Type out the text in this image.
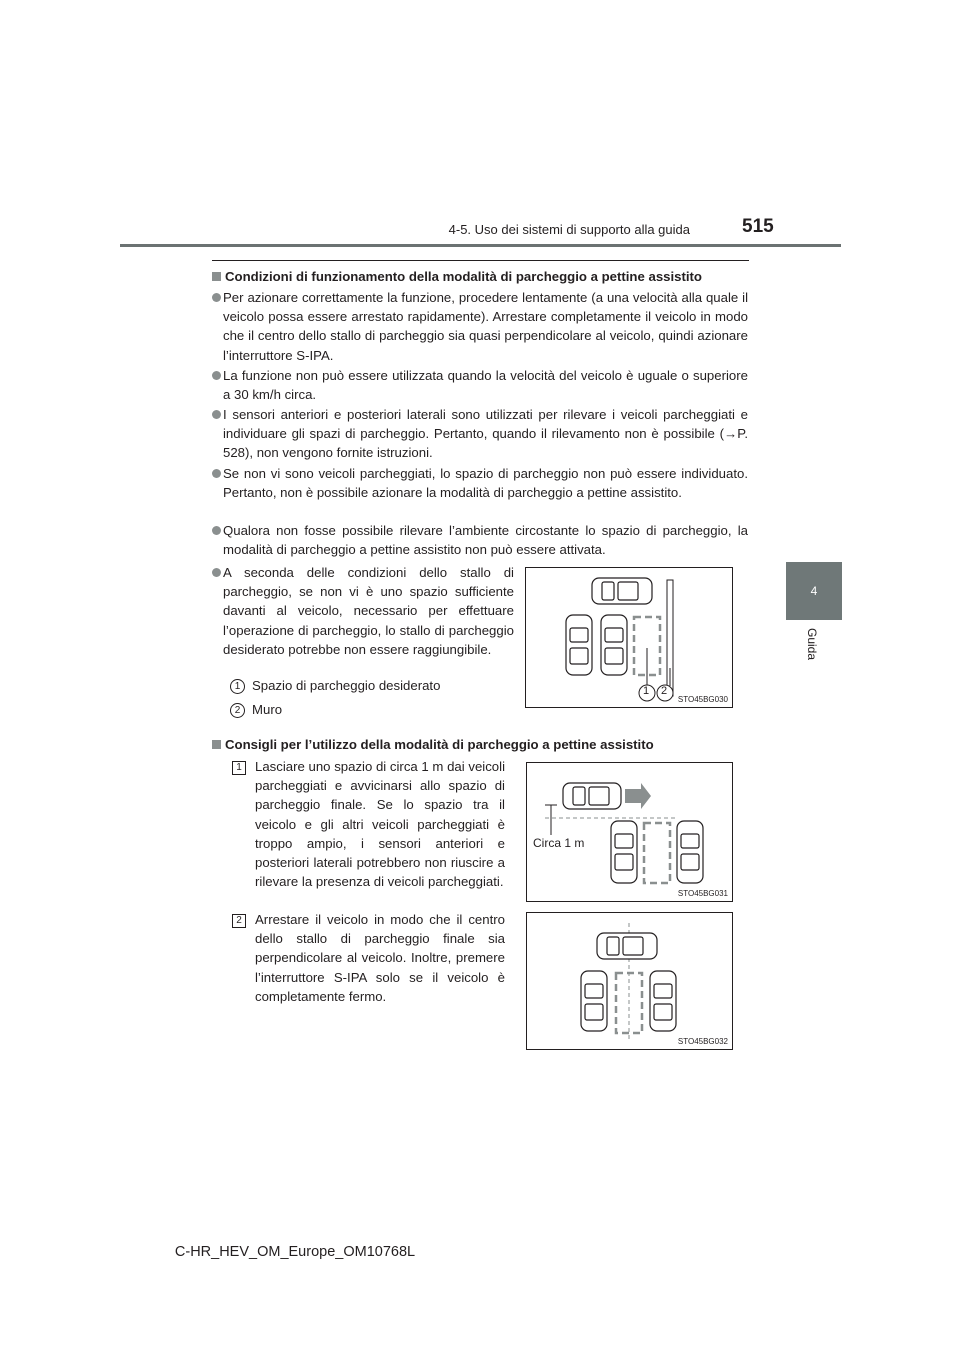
4-5. Uso dei sistemi di supporto alla guida	515
4
Guida
Condizioni di funzionamento della modalità di parcheggio a pettine assistito
Per azionare correttamente la funzione, procedere lentamente (a una velocità alla quale il veicolo possa essere arrestato rapidamente). Arrestare completamente il veicolo in modo che il centro dello stallo di parcheggio sia quasi perpendicolare al veicolo, quindi azionare l’interruttore S-IPA.
La funzione non può essere utilizzata quando la velocità del veicolo è uguale o superiore a 30 km/h circa.
I sensori anteriori e posteriori laterali sono utilizzati per rilevare i veicoli parcheggiati e individuare gli spazi di parcheggio. Pertanto, quando il rilevamento non è possibile (→P. 528), non vengono fornite istruzioni.
Se non vi sono veicoli parcheggiati, lo spazio di parcheggio non può essere individuato. Pertanto, non è possibile azionare la modalità di parcheggio a pettine assistito.
Qualora non fosse possibile rilevare l’ambiente circostante lo spazio di parcheggio, la modalità di parcheggio a pettine assistito non può essere attivata.
A seconda delle condizioni dello stallo di parcheggio, se non vi è uno spazio sufficiente davanti al veicolo, necessario per effettuare l’operazione di parcheggio, lo stallo di parcheggio desiderato potrebbe non essere raggiungibile.
1 Spazio di parcheggio desiderato
2 Muro
1 2
STO45BG030
Consigli per l’utilizzo della modalità di parcheggio a pettine assistito
1	Lasciare uno spazio di circa 1 m dai veicoli parcheggiati e avvicinarsi allo spazio di parcheggio finale. Se lo spazio tra il veicolo e gli altri veicoli parcheggiati è troppo ampio, i sensori anteriori e posteriori laterali potrebbero non riuscire a rilevare la presenza di veicoli parcheggiati.
Circa 1 m
STO45BG031
2	Arrestare il veicolo in modo che il centro dello stallo di parcheggio finale sia perpendicolare al veicolo. Inoltre, premere l’interruttore S-IPA solo se il veicolo è completamente fermo.
STO45BG032
C-HR_HEV_OM_Europe_OM10768L
